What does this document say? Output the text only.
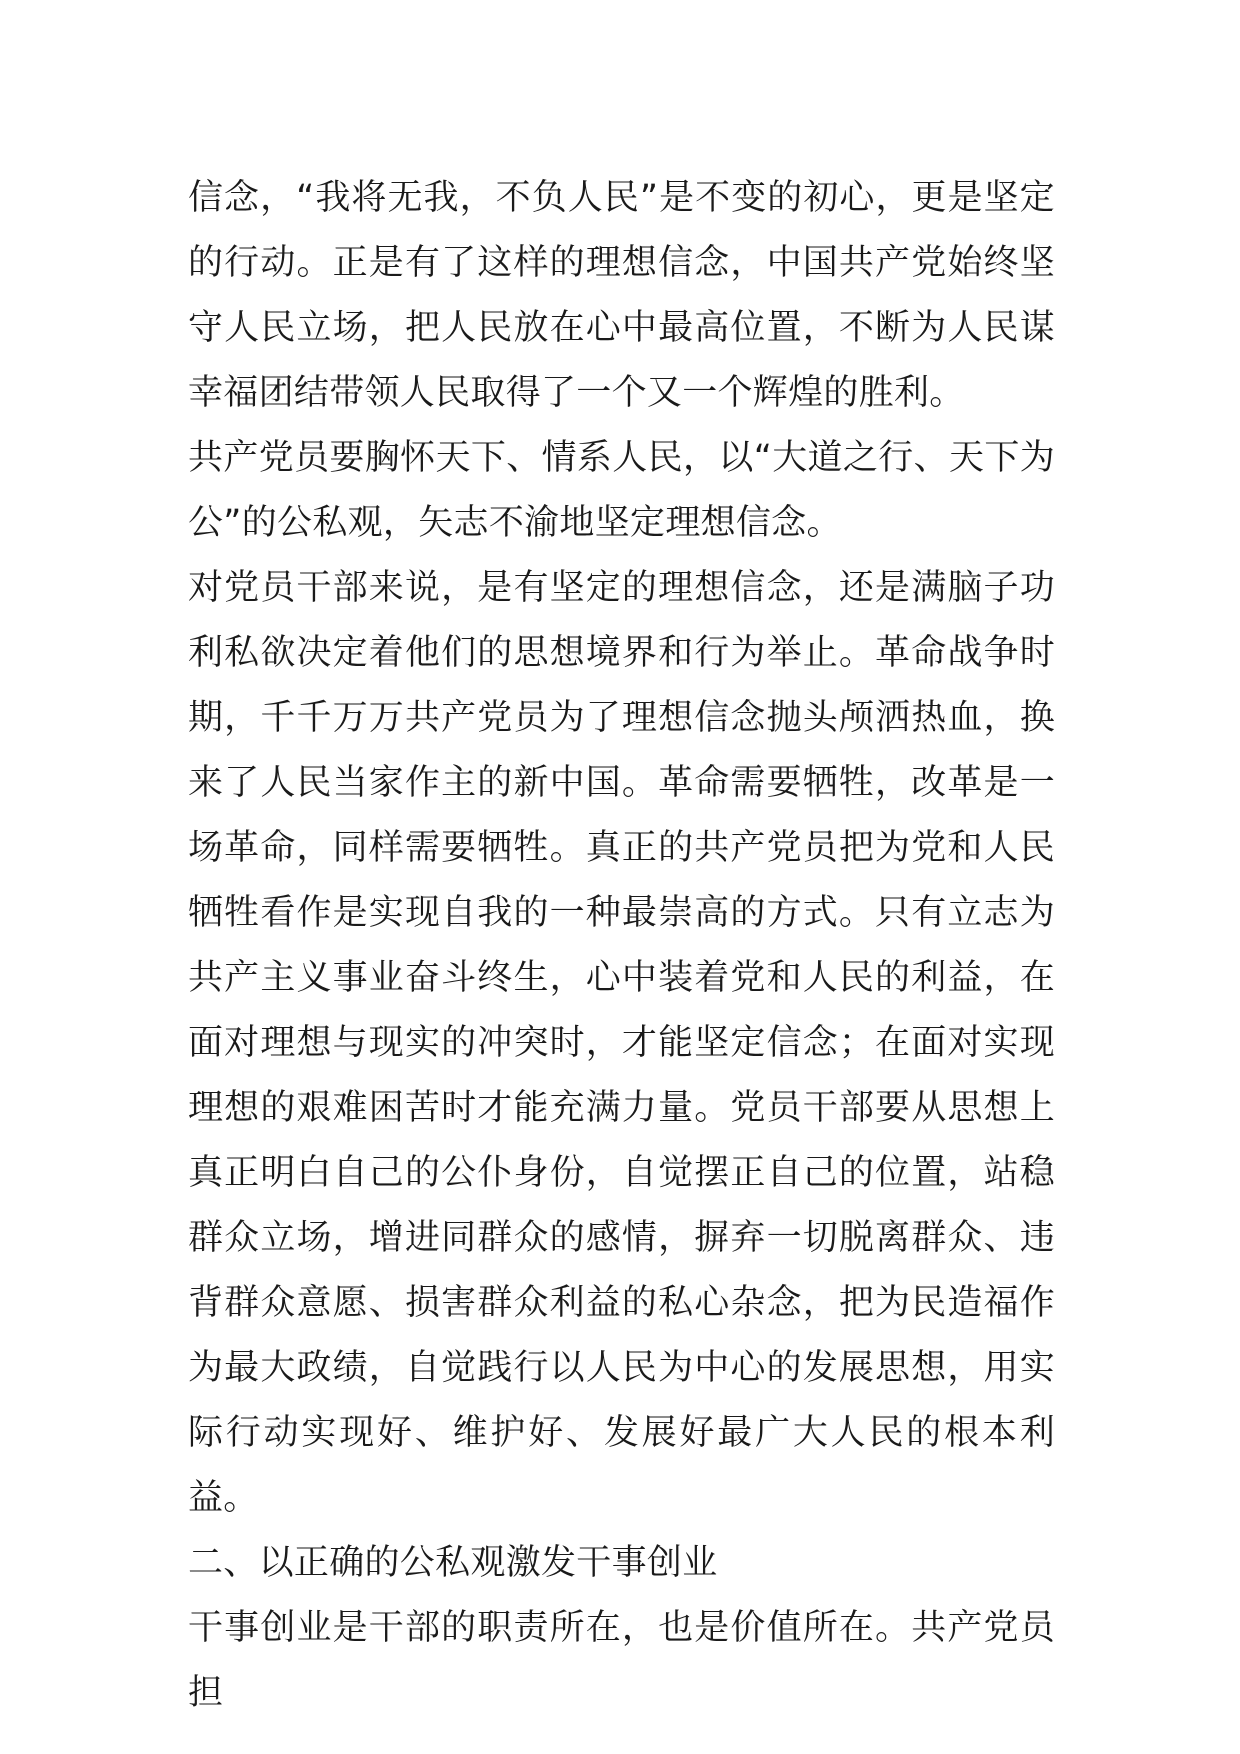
信念，“我将无我，不负人民”是不变的初心，更是坚定的行动。正是有了这样的理想信念，中国共产党始终坚守人民立场，把人民放在心中最高位置，不断为人民谋幸福团结带领人民取得了一个又一个辉煌的胜利。

共产党员要胸怀天下、情系人民，以“大道之行、天下为公”的公私观，矢志不渝地坚定理想信念。

对党员干部来说，是有坚定的理想信念，还是满脑子功利私欲决定着他们的思想境界和行为举止。革命战争时期，千千万万共产党员为了理想信念抛头颅洒热血，换来了人民当家作主的新中国。革命需要牺牲，改革是一场革命，同样需要牺牲。真正的共产党员把为党和人民牺牲看作是实现自我的一种最崇高的方式。只有立志为共产主义事业奋斗终生，心中装着党和人民的利益，在面对理想与现实的冲突时，才能坚定信念；在面对实现理想的艰难困苦时才能充满力量。党员干部要从思想上真正明白自己的公仆身份，自觉摆正自己的位置，站稳群众立场，增进同群众的感情，摒弃一切脱离群众、违背群众意愿、损害群众利益的私心杂念，把为民造福作为最大政绩，自觉践行以人民为中心的发展思想，用实际行动实现好、维护好、发展好最广大人民的根本利益。

二、以正确的公私观激发干事创业

干事创业是干部的职责所在，也是价值所在。共产党员担
